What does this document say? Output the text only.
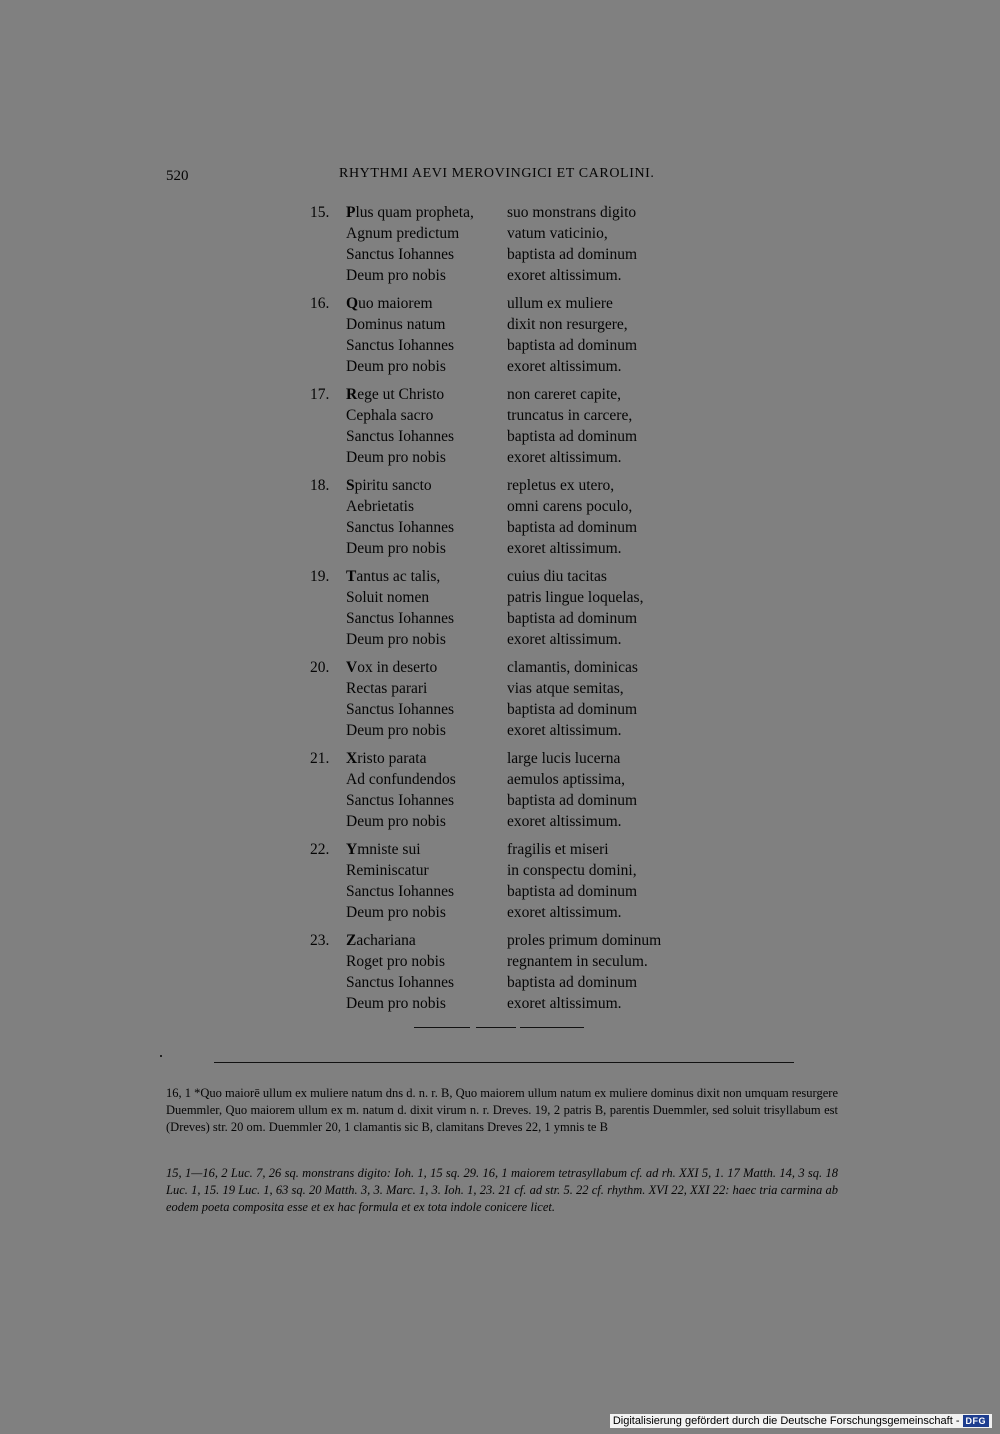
520	RHYTHMI AEVI MEROVINGICI ET CAROLINI.
15.	Plus quam propheta,	suo monstrans digito
Agnum predictum	vatum vaticinio,
Sanctus Iohannes	baptista ad dominum
Deum pro nobis	exoret altissimum.
16.	Quo maiorem	ullum ex muliere
Dominus natum	dixit non resurgere,
Sanctus Iohannes	baptista ad dominum
Deum pro nobis	exoret altissimum.
17.	Rege ut Christo	non careret capite,
Cephala sacro	truncatus in carcere,
Sanctus Iohannes	baptista ad dominum
Deum pro nobis	exoret altissimum.
18.	Spiritu sancto	repletus ex utero,
Aebrietatis	omni carens poculo,
Sanctus Iohannes	baptista ad dominum
Deum pro nobis	exoret altissimum.
19.	Tantus ac talis,	cuius diu tacitas
Soluit nomen	patris lingue loquelas,
Sanctus Iohannes	baptista ad dominum
Deum pro nobis	exoret altissimum.
20.	Vox in deserto	clamantis, dominicas
Rectas parari	vias atque semitas,
Sanctus Iohannes	baptista ad dominum
Deum pro nobis	exoret altissimum.
21.	Xristo parata	large lucis lucerna
Ad confundendos	aemulos aptissima,
Sanctus Iohannes	baptista ad dominum
Deum pro nobis	exoret altissimum.
22.	Ymniste sui	fragilis et miseri
Reminiscatur	in conspectu domini,
Sanctus Iohannes	baptista ad dominum
Deum pro nobis	exoret altissimum.
23.	Zachariana	proles primum dominum
Roget pro nobis	regnantem in seculum.
Sanctus Iohannes	baptista ad dominum
Deum pro nobis	exoret altissimum.
16, 1 *Quo maiorē ullum ex muliere natum dns d. n. r. B, Quo maiorem ullum natum ex muliere dominus dixit non umquam resurgere Duemmler, Quo maiorem ullum ex m. natum d. dixit virum n. r. Dreves. 19, 2 patris B, parentis Duemmler, sed soluit trisyllabum est (Dreves) str. 20 om. Duemmler 20, 1 clamantis sic B, clamitans Dreves 22, 1 ymnis te B
15, 1—16, 2 Luc. 7, 26 sq. monstrans digito: Ioh. 1, 15 sq. 29. 16, 1 maiorem tetrasyllabum cf. ad rh. XXI 5, 1. 17 Matth. 14, 3 sq. 18 Luc. 1, 15. 19 Luc. 1, 63 sq. 20 Matth. 3, 3. Marc. 1, 3. Ioh. 1, 23. 21 cf. ad str. 5. 22 cf. rhythm. XVI 22, XXI 22: haec tria carmina ab eodem poeta composita esse et ex hac formula et ex tota indole conicere licet.
Digitalisierung gefördert durch die Deutsche Forschungsgemeinschaft - DFG
